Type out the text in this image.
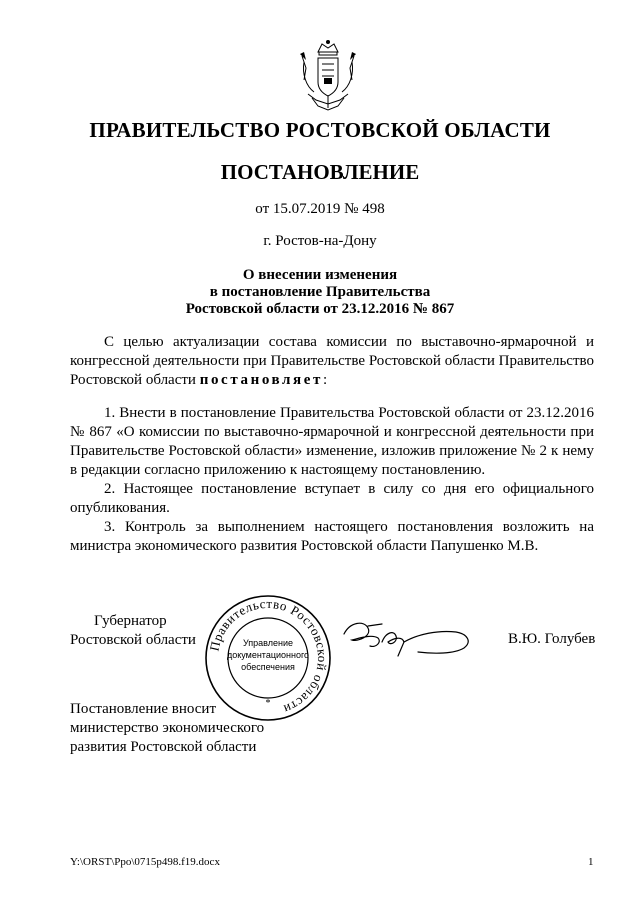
ПРАВИТЕЛЬСТВО РОСТОВСКОЙ ОБЛАСТИ
ПОСТАНОВЛЕНИЕ
от 15.07.2019 № 498
г. Ростов-на-Дону
О внесении изменения
в постановление Правительства
Ростовской области от 23.12.2016 № 867

С целью актуализации состава комиссии по выставочно-ярмарочной и конгрессной деятельности при Правительстве Ростовской области Правительство Ростовской области постановляет:

1. Внести в постановление Правительства Ростовской области от 23.12.2016 № 867 «О комиссии по выставочно-ярмарочной и конгрессной деятельности при Правительстве Ростовской области» изменение, изложив приложение № 2 к нему в редакции согласно приложению к настоящему постановлению.

2. Настоящее постановление вступает в силу со дня его официального опубликования.

3. Контроль за выполнением настоящего постановления возложить на министра экономического развития Ростовской области Папушенко М.В.

Губернатор
Ростовской области Правительство Ростовской области
Управление
документационного
обеспечения
*
В.Ю. Голубев
Постановление вносит
министерство экономического
развития Ростовской области
Y:\ORST\Ppo\0715p498.f19.docx	1
